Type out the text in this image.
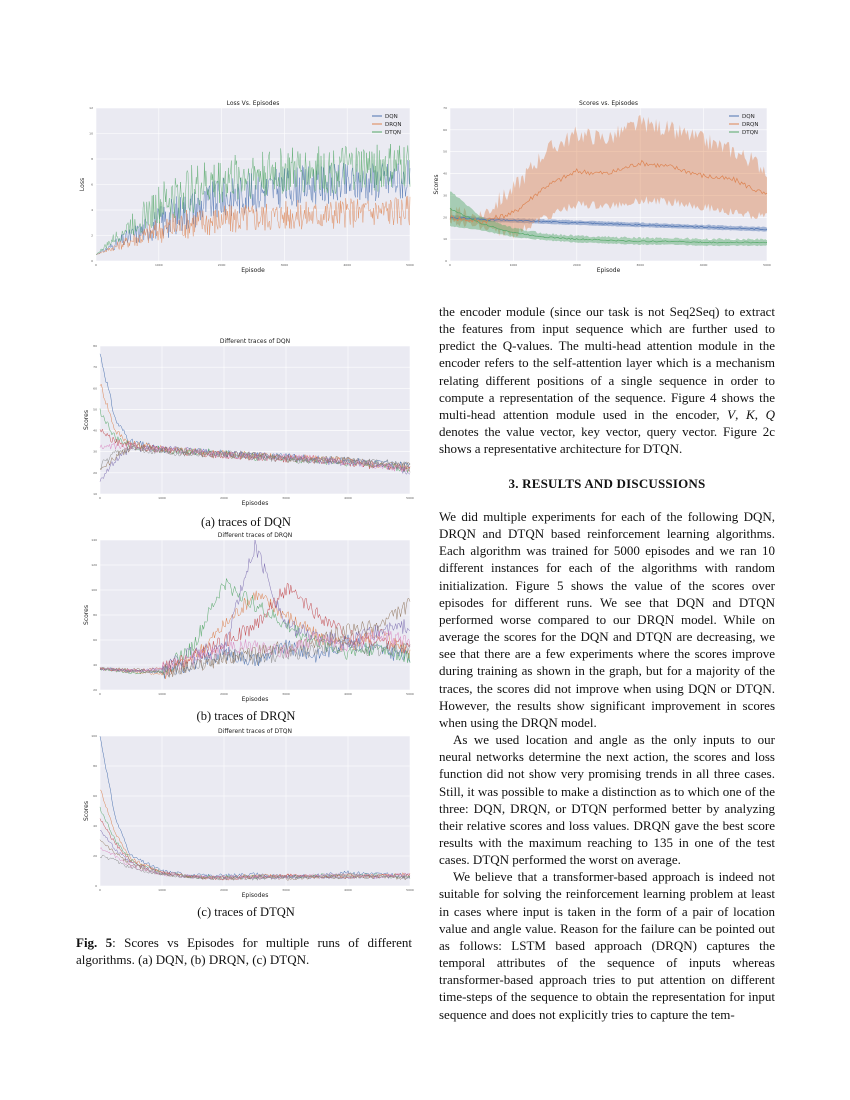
0	1000	2000	3000	4000	5000
0
2
4
6
8
10
12
Loss Vs. Episodes
Episode
Loss
DQN
DRQN
DTQN
0	1000	2000	3000	4000	5000
0
10
20
30
40
50
60
70
Scores vs. Episodes
Episode
Scores
DQN
DRQN
DTQN
0	1000	2000	3000	4000	5000
10
20
30
40
50
60
70
80
Different traces of DQN
Episodes
Scores
(a) traces of DQN
0	1000	2000	3000	4000	5000
20
40
60
80
100
120
140
Different traces of DRQN
Episodes
Scores
(b) traces of DRQN
0	1000	2000	3000	4000	5000
0
20
40
60
80
100
Different traces of DTQN
Episodes
Scores
(c) traces of DTQN
Fig. 5: Scores vs Episodes for multiple runs of different algorithms. (a) DQN, (b) DRQN, (c) DTQN.

the encoder module (since our task is not Seq2Seq) to extract the features from input sequence which are further used to predict the Q-values. The multi-head attention module in the encoder refers to the self-attention layer which is a mechanism relating different positions of a single sequence in order to compute a representation of the sequence. Figure 4 shows the multi-head attention module used in the encoder, V, K, Q denotes the value vector, key vector, query vector. Figure 2c shows a representative architecture for DTQN.

3. RESULTS AND DISCUSSIONS

We did multiple experiments for each of the following DQN, DRQN and DTQN based reinforcement learning algorithms. Each algorithm was trained for 5000 episodes and we ran 10 different instances for each of the algorithms with random initialization. Figure 5 shows the value of the scores over episodes for different runs. We see that DQN and DTQN performed worse compared to our DRQN model. While on average the scores for the DQN and DTQN are decreasing, we see that there are a few experiments where the scores improve during training as shown in the graph, but for a majority of the traces, the scores did not improve when using DQN or DTQN. However, the results show significant improvement in scores when using the DRQN model.

As we used location and angle as the only inputs to our neural networks determine the next action, the scores and loss function did not show very promising trends in all three cases. Still, it was possible to make a distinction as to which one of the three: DQN, DRQN, or DTQN performed better by analyzing their relative scores and loss values. DRQN gave the best score results with the maximum reaching to 135 in one of the test cases. DTQN performed the worst on average.

We believe that a transformer-based approach is indeed not suitable for solving the reinforcement learning problem at least in cases where input is taken in the form of a pair of location value and angle value. Reason for the failure can be pointed out as follows: LSTM based approach (DRQN) captures the temporal attributes of the sequence of inputs whereas transformer-based approach tries to put attention on different time-steps of the sequence to obtain the representation for input sequence and does not explicitly tries to capture the tem-
